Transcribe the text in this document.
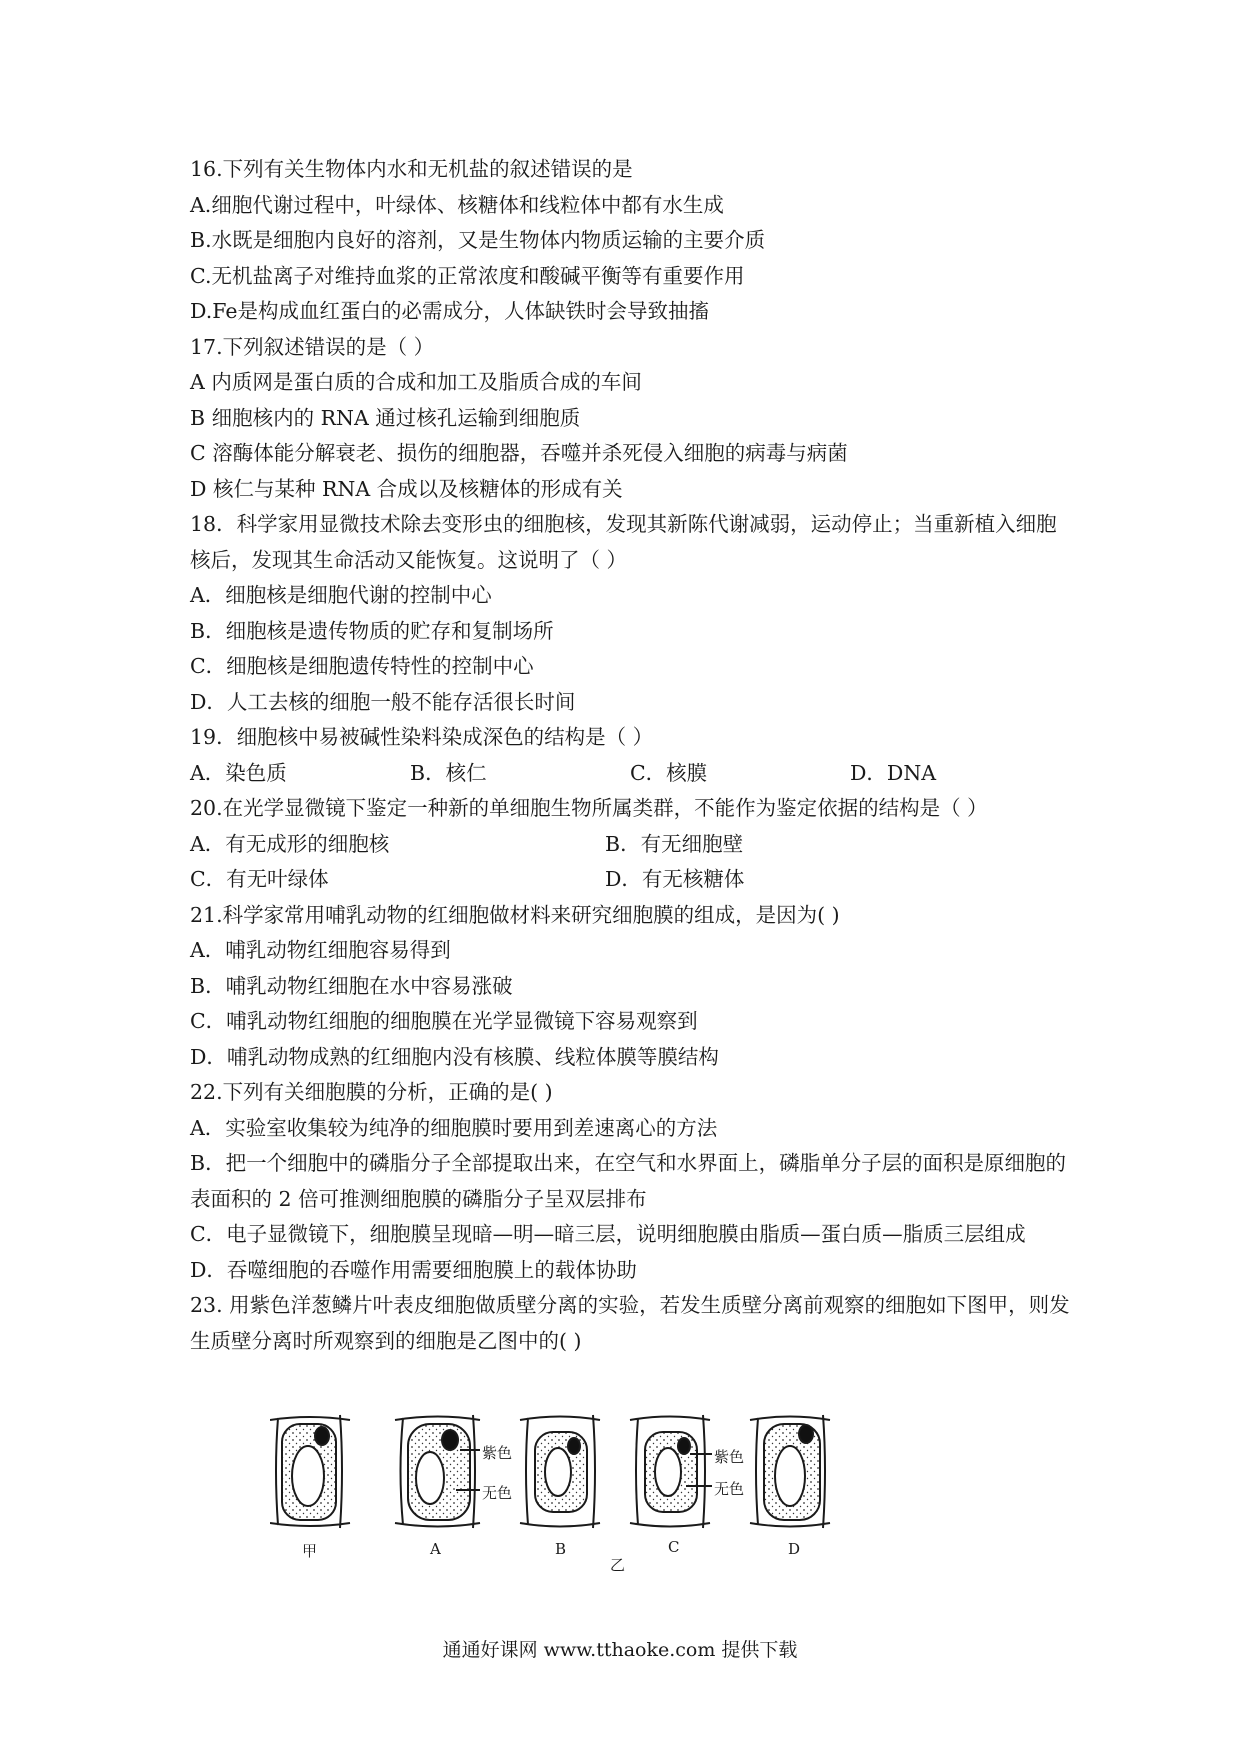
16.下列有关生物体内水和无机盐的叙述错误的是
A.细胞代谢过程中，叶绿体、核糖体和线粒体中都有水生成
B.水既是细胞内良好的溶剂，又是生物体内物质运输的主要介质
C.无机盐离子对维持血浆的正常浓度和酸碱平衡等有重要作用
D.Fe是构成血红蛋白的必需成分，人体缺铁时会导致抽搐
17.下列叙述错误的是（ ）
A 内质网是蛋白质的合成和加工及脂质合成的车间
B 细胞核内的 RNA 通过核孔运输到细胞质
C 溶酶体能分解衰老、损伤的细胞器，吞噬并杀死侵入细胞的病毒与病菌
D 核仁与某种 RNA 合成以及核糖体的形成有关
18．科学家用显微技术除去变形虫的细胞核，发现其新陈代谢减弱，运动停止；当重新植入细胞核后，发现其生命活动又能恢复。这说明了（ ）
A．细胞核是细胞代谢的控制中心
B．细胞核是遗传物质的贮存和复制场所
C．细胞核是细胞遗传特性的控制中心
D．人工去核的细胞一般不能存活很长时间
19．细胞核中易被碱性染料染成深色的结构是（ ）
A．染色质	B．核仁	C．核膜	D．DNA
20.在光学显微镜下鉴定一种新的单细胞生物所属类群，不能作为鉴定依据的结构是（ ）
A．有无成形的细胞核	B．有无细胞壁
C．有无叶绿体	D．有无核糖体
21.科学家常用哺乳动物的红细胞做材料来研究细胞膜的组成，是因为( )
A．哺乳动物红细胞容易得到
B．哺乳动物红细胞在水中容易涨破
C．哺乳动物红细胞的细胞膜在光学显微镜下容易观察到
D．哺乳动物成熟的红细胞内没有核膜、线粒体膜等膜结构
22.下列有关细胞膜的分析，正确的是( )
A．实验室收集较为纯净的细胞膜时要用到差速离心的方法
B．把一个细胞中的磷脂分子全部提取出来，在空气和水界面上，磷脂单分子层的面积是原细胞的表面积的 2 倍可推测细胞膜的磷脂分子呈双层排布
C．电子显微镜下，细胞膜呈现暗—明—暗三层，说明细胞膜由脂质—蛋白质—脂质三层组成
D．吞噬细胞的吞噬作用需要细胞膜上的载体协助
23. 用紫色洋葱鳞片叶表皮细胞做质壁分离的实验，若发生质壁分离前观察的细胞如下图甲，则发生质壁分离时所观察到的细胞是乙图中的( )
紫色
无色
紫色
无色
甲	A	B	C	D
乙
通通好课网 www.tthaoke.com 提供下载
